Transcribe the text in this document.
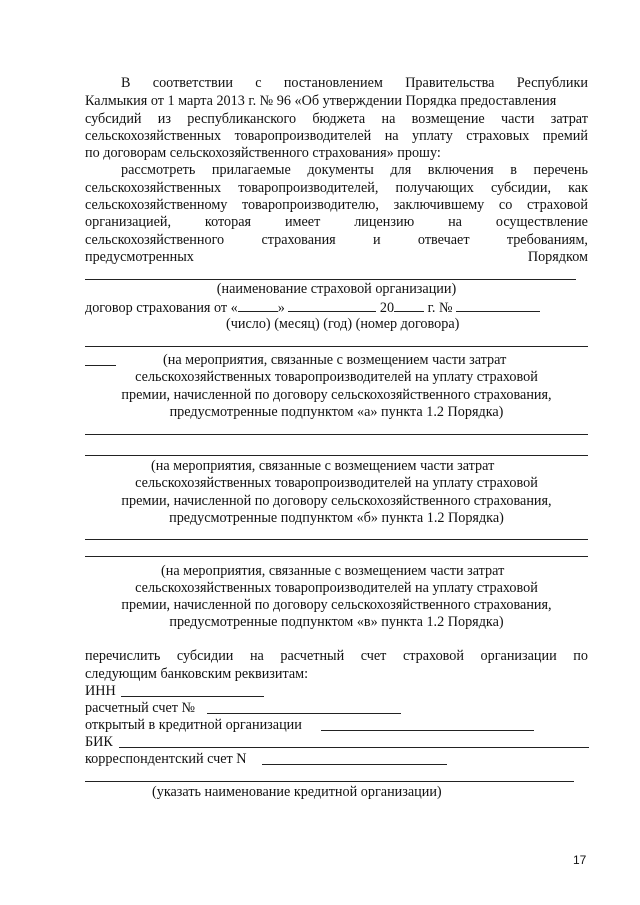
В соответствии с постановлением Правительства Республики
Калмыкия от 1 марта 2013 г. № 96 «Об утверждении Порядка предоставления
субсидий из республиканского бюджета на возмещение части затрат
сельскохозяйственных товаропроизводителей на уплату страховых премий
по договорам сельскохозяйственного страхования» прошу:
рассмотреть прилагаемые документы для включения в перечень
сельскохозяйственных товаропроизводителей, получающих субсидии, как
сельскохозяйственному товаропроизводителю, заключившему со страховой
организацией, которая имеет лицензию на осуществление
сельскохозяйственного	страхования	и	отвечает	требованиям,
предусмотренных	Порядком
(наименование страховой организации)
договор страхования от «	»	20 г. №
(число) (месяц) (год) (номер договора)
(на мероприятия, связанные с возмещением части затрат
сельскохозяйственных товаропроизводителей на уплату страховой
премии, начисленной по договору сельскохозяйственного страхования,
предусмотренные подпунктом «а» пункта 1.2 Порядка)
(на мероприятия, связанные с возмещением части затрат
сельскохозяйственных товаропроизводителей на уплату страховой
премии, начисленной по договору сельскохозяйственного страхования,
предусмотренные подпунктом «б» пункта 1.2 Порядка)
(на мероприятия, связанные с возмещением части затрат
сельскохозяйственных товаропроизводителей на уплату страховой
премии, начисленной по договору сельскохозяйственного страхования,
предусмотренные подпунктом «в» пункта 1.2 Порядка)
перечислить субсидии на расчетный счет страховой организации по
следующим банковским реквизитам:
ИНН
расчетный счет №
открытый в кредитной организации
БИК
корреспондентский счет N
(указать наименование кредитной организации)
17
